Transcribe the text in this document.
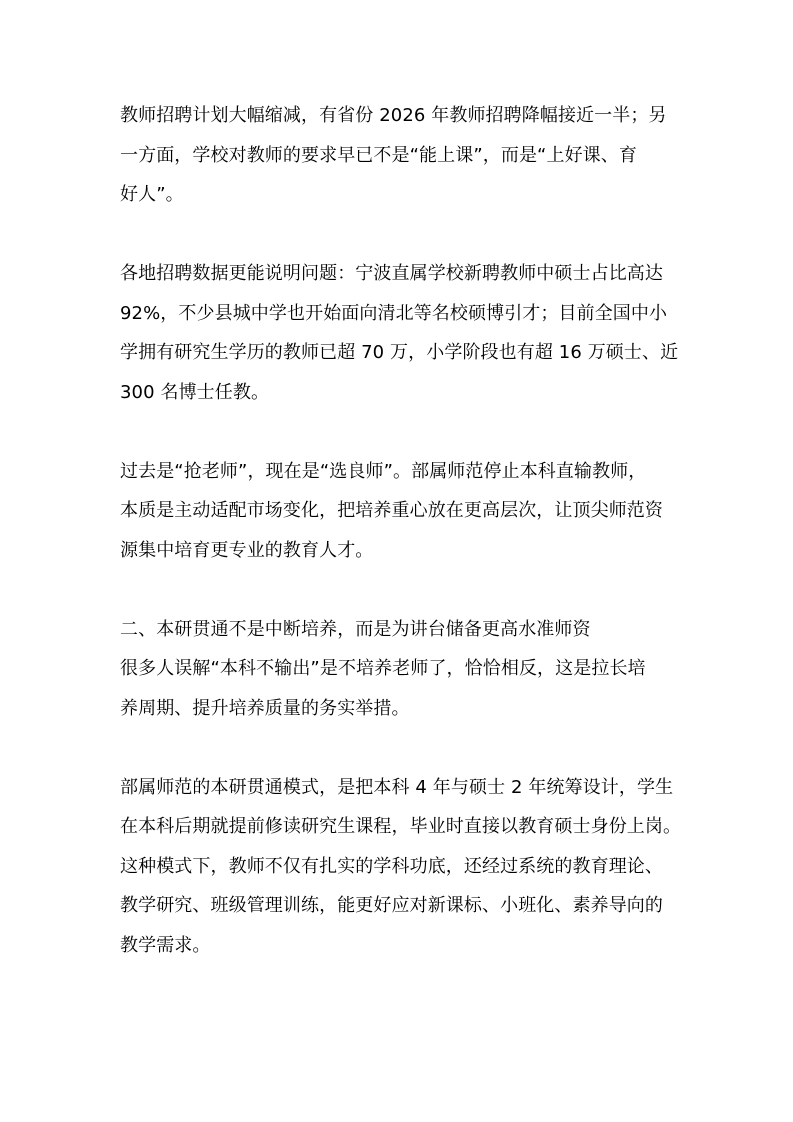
教师招聘计划大幅缩减，有省份 2026 年教师招聘降幅接近一半；另
一方面，学校对教师的要求早已不是“能上课”，而是“上好课、育
好人”。
各地招聘数据更能说明问题：宁波直属学校新聘教师中硕士占比高达
92%，不少县城中学也开始面向清北等名校硕博引才；目前全国中小
学拥有研究生学历的教师已超 70 万，小学阶段也有超 16 万硕士、近
300 名博士任教。
过去是“抢老师”，现在是“选良师”。部属师范停止本科直输教师，
本质是主动适配市场变化，把培养重心放在更高层次，让顶尖师范资
源集中培育更专业的教育人才。
二、本研贯通不是中断培养，而是为讲台储备更高水准师资
很多人误解“本科不输出”是不培养老师了，恰恰相反，这是拉长培
养周期、提升培养质量的务实举措。
部属师范的本研贯通模式，是把本科 4 年与硕士 2 年统筹设计，学生
在本科后期就提前修读研究生课程，毕业时直接以教育硕士身份上岗。
这种模式下，教师不仅有扎实的学科功底，还经过系统的教育理论、
教学研究、班级管理训练，能更好应对新课标、小班化、素养导向的
教学需求。
